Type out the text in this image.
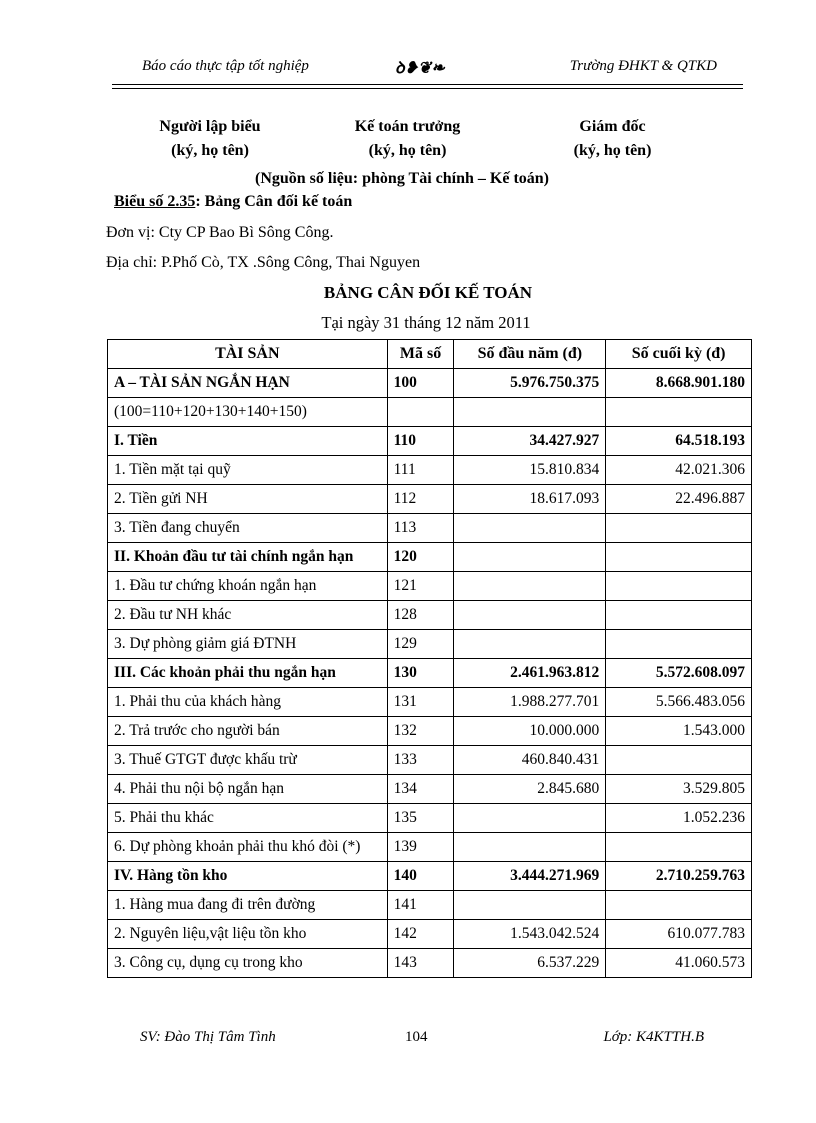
Báo cáo thực tập tốt nghiệp	ꝺ❥❦❧	Trường ĐHKT & QTKD
Người lập biểu
(ký, họ tên)
Kế toán trưởng
(ký, họ tên)
Giám đốc
(ký, họ tên)
(Nguồn số liệu: phòng Tài chính – Kế toán)
Biểu số 2.35: Bảng Cân đối kế toán
Đơn vị: Cty CP Bao Bì Sông Công.
Địa chỉ: P.Phố Cò, TX .Sông Công, Thai Nguyen
BẢNG CÂN ĐỐI KẾ TOÁN
Tại ngày 31 tháng 12 năm 2011
TÀI SẢN	Mã số	Số đầu năm (đ)	Số cuối kỳ (đ)
A – TÀI SẢN NGẮN HẠN	100	5.976.750.375	8.668.901.180
(100=110+120+130+140+150)			
I. Tiền	110	34.427.927	64.518.193
1. Tiền mặt tại quỹ	111	15.810.834	42.021.306
2. Tiền gửi NH	112	18.617.093	22.496.887
3. Tiền đang chuyển	113		
II. Khoản đầu tư tài chính ngắn hạn	120		
1. Đầu tư chứng khoán ngắn hạn	121		
2. Đầu tư NH khác	128		
3. Dự phòng giảm giá ĐTNH	129		
III. Các khoản phải thu ngắn hạn	130	2.461.963.812	5.572.608.097
1. Phải thu của khách hàng	131	1.988.277.701	5.566.483.056
2. Trả trước cho người bán	132	10.000.000	1.543.000
3. Thuế GTGT được khấu trừ	133	460.840.431	
4. Phải thu nội bộ ngắn hạn	134	2.845.680	3.529.805
5. Phải thu khác	135		1.052.236
6. Dự phòng khoản phải thu khó đòi (*)	139		
IV. Hàng tồn kho	140	3.444.271.969	2.710.259.763
1. Hàng mua đang đi trên đường	141		
2. Nguyên liệu,vật liệu tồn kho	142	1.543.042.524	610.077.783
3. Công cụ, dụng cụ trong kho	143	6.537.229	41.060.573
SV: Đào Thị Tâm Tình	104	Lớp: K4KTTH.B
